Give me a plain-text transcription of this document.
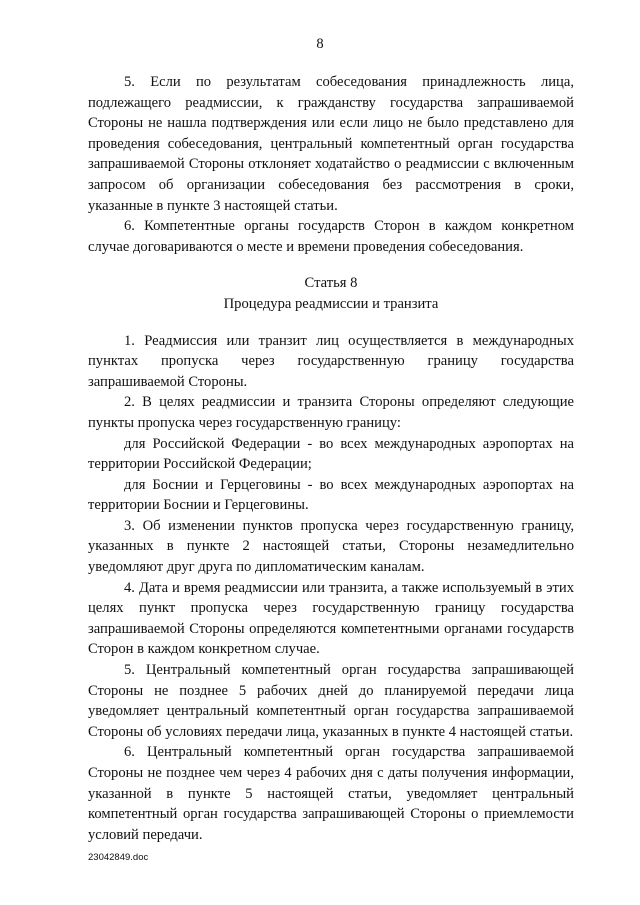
8

5. Если по результатам собеседования принадлежность лица, подлежащего реадмиссии, к гражданству государства запрашиваемой Стороны не нашла подтверждения или если лицо не было представлено для проведения собеседования, центральный компетентный орган государства запрашиваемой Стороны отклоняет ходатайство о реадмиссии с включенным запросом об организации собеседования без рассмотрения в сроки, указанные в пункте 3 настоящей статьи.

6. Компетентные органы государств Сторон в каждом конкретном случае договариваются о месте и времени проведения собеседования.

Статья 8

Процедура реадмиссии и транзита

1. Реадмиссия или транзит лиц осуществляется в международных пунктах пропуска через государственную границу государства запрашиваемой Стороны.

2. В целях реадмиссии и транзита Стороны определяют следующие пункты пропуска через государственную границу:

для Российской Федерации - во всех международных аэропортах на территории Российской Федерации;

для Боснии и Герцеговины - во всех международных аэропортах на территории Боснии и Герцеговины.

3. Об изменении пунктов пропуска через государственную границу, указанных в пункте 2 настоящей статьи, Стороны незамедлительно уведомляют друг друга по дипломатическим каналам.

4. Дата и время реадмиссии или транзита, а также используемый в этих целях пункт пропуска через государственную границу государства запрашиваемой Стороны определяются компетентными органами государств Сторон в каждом конкретном случае.

5. Центральный компетентный орган государства запрашивающей Стороны не позднее 5 рабочих дней до планируемой передачи лица уведомляет центральный компетентный орган государства запрашиваемой Стороны об условиях передачи лица, указанных в пункте 4 настоящей статьи.

6. Центральный компетентный орган государства запрашиваемой Стороны не позднее чем через 4 рабочих дня с даты получения информации, указанной в пункте 5 настоящей статьи, уведомляет центральный компетентный орган государства запрашивающей Стороны о приемлемости условий передачи.

23042849.doc
